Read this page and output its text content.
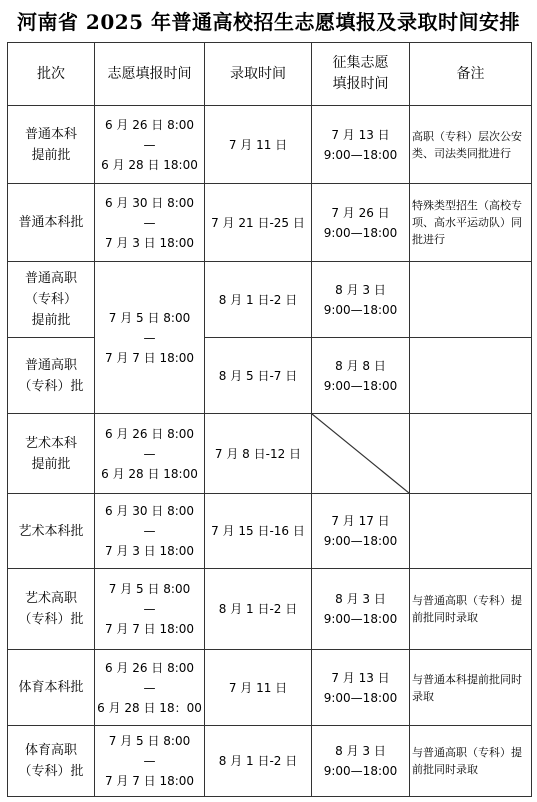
河南省 2025 年普通高校招生志愿填报及录取时间安排
批次	志愿填报时间	录取时间	征集志愿
填报时间	备注

普通本科
提前批	6 月 26 日 8:00
—
6 月 28 日 18:00	7 月 11 日	7 月 13 日
9:00—18:00	高职（专科）层次公安类、司法类同批进行

普通本科批	6 月 30 日 8:00
—
7 月 3 日 18:00	7 月 21 日-25 日	7 月 26 日
9:00—18:00	特殊类型招生（高校专项、高水平运动队）同批进行

普通高职
（专科）
提前批	7 月 5 日 8:00
—
7 月 7 日 18:00	8 月 1 日-2 日	8 月 3 日
9:00—18:00	

普通高职
（专科）批		8 月 5 日-7 日	8 月 8 日
9:00—18:00	

艺术本科
提前批	6 月 26 日 8:00
—
6 月 28 日 18:00	7 月 8 日-12 日	

艺术本科批	6 月 30 日 8:00
—
7 月 3 日 18:00	7 月 15 日-16 日	7 月 17 日
9:00—18:00	

艺术高职
（专科）批	7 月 5 日 8:00
—
7 月 7 日 18:00	8 月 1 日-2 日	8 月 3 日
9:00—18:00	与普通高职（专科）提前批同时录取

体育本科批	6 月 26 日 8:00
—
6 月 28 日 18：00	7 月 11 日	7 月 13 日
9:00—18:00	与普通本科提前批同时录取

体育高职
（专科）批	7 月 5 日 8:00
—
7 月 7 日 18:00	8 月 1 日-2 日	8 月 3 日
9:00—18:00	与普通高职（专科）提前批同时录取
